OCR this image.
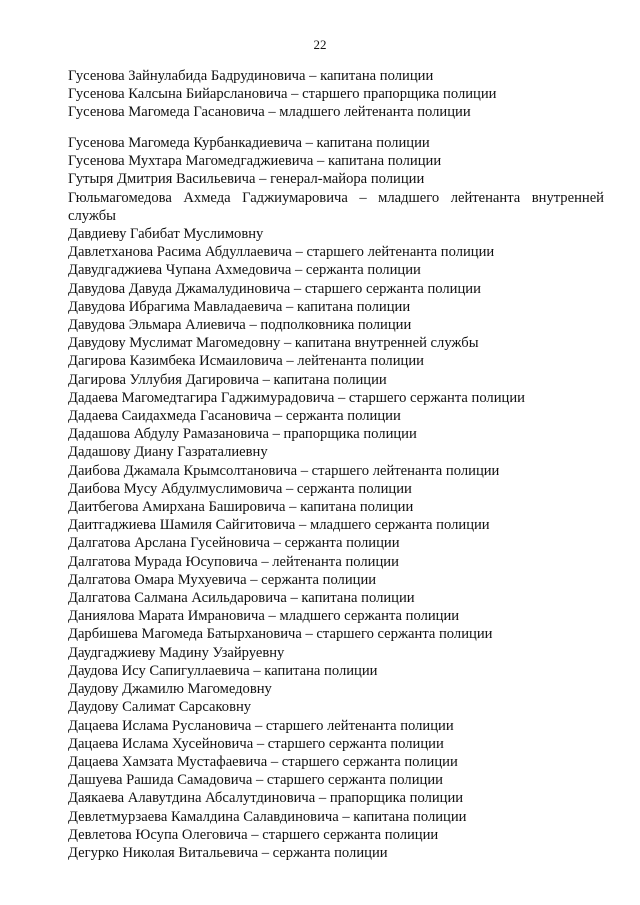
22
Гусенова Зайнулабида Бадрудиновича – капитана полиции
Гусенова Калсына Бийарслановича – старшего прапорщика полиции
Гусенова Магомеда Гасановича – младшего лейтенанта полиции
Гусенова Магомеда Курбанкадиевича – капитана полиции
Гусенова Мухтара Магомедгаджиевича – капитана полиции
Гутыря Дмитрия Васильевича – генерал-майора полиции
Гюльмагомедова Ахмеда Гаджиумаровича – младшего лейтенанта внутренней
службы
Давдиеву Габибат Муслимовну
Давлетханова Расима Абдуллаевича – старшего лейтенанта полиции
Давудгаджиева Чупана Ахмедовича – сержанта полиции
Давудова Давуда Джамалудиновича – старшего сержанта полиции
Давудова Ибрагима Мавладаевича – капитана полиции
Давудова Эльмара Алиевича – подполковника полиции
Давудову Муслимат Магомедовну – капитана внутренней службы
Дагирова Казимбека Исмаиловича – лейтенанта полиции
Дагирова Уллубия Дагировича – капитана полиции
Дадаева Магомедтагира Гаджимурадовича – старшего сержанта полиции
Дадаева Саидахмеда Гасановича – сержанта полиции
Дадашова Абдулу Рамазановича – прапорщика полиции
Дадашову Диану Газраталиевну
Даибова Джамала Крымсолтановича – старшего лейтенанта полиции
Даибова Мусу Абдулмуслимовича – сержанта полиции
Даитбегова Амирхана Башировича – капитана полиции
Даитгаджиева Шамиля Сайгитовича – младшего сержанта полиции
Далгатова Арслана Гусейновича – сержанта полиции
Далгатова Мурада Юсуповича – лейтенанта полиции
Далгатова Омара Мухуевича – сержанта полиции
Далгатова Салмана Асильдаровича – капитана полиции
Даниялова Марата Имрановича – младшего сержанта полиции
Дарбишева Магомеда Батырхановича – старшего сержанта полиции
Даудгаджиеву Мадину Узайруевну
Даудова Ису Сапигуллаевича – капитана полиции
Даудову Джамилю Магомедовну
Даудову Салимат Сарсаковну
Дацаева Ислама Руслановича – старшего лейтенанта полиции
Дацаева Ислама Хусейновича – старшего сержанта полиции
Дацаева Хамзата Мустафаевича – старшего сержанта полиции
Дашуева Рашида Самадовича – старшего сержанта полиции
Даякаева Алавутдина Абсалутдиновича – прапорщика полиции
Девлетмурзаева Камалдина Салавдиновича – капитана полиции
Девлетова Юсупа Олеговича – старшего сержанта полиции
Дегурко Николая Витальевича – сержанта полиции
